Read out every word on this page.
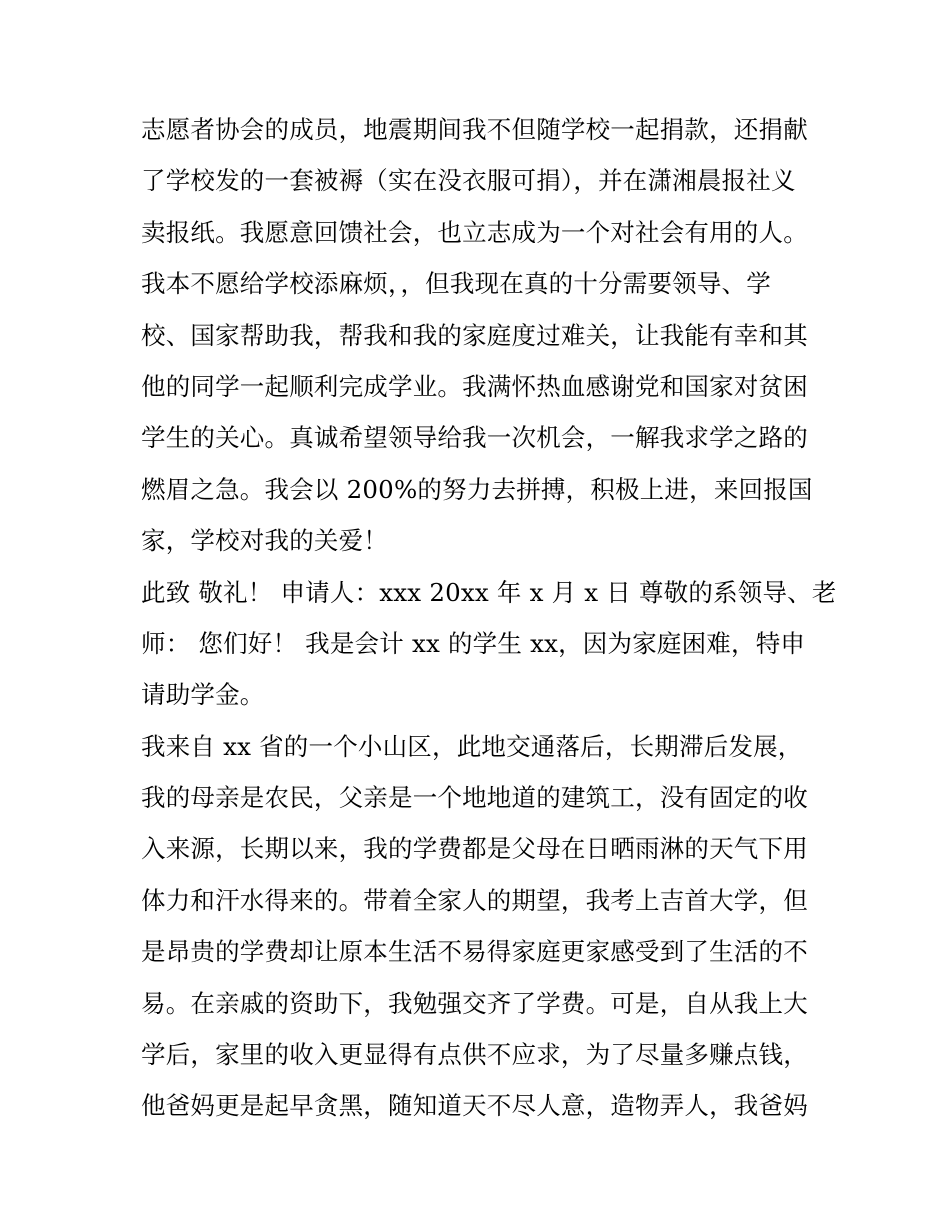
志愿者协会的成员，地震期间我不但随学校一起捐款，还捐献
了学校发的一套被褥（实在没衣服可捐），并在潇湘晨报社义
卖报纸。我愿意回馈社会，也立志成为一个对社会有用的人。
我本不愿给学校添麻烦，，但我现在真的十分需要领导、学
校、国家帮助我，帮我和我的家庭度过难关，让我能有幸和其
他的同学一起顺利完成学业。我满怀热血感谢党和国家对贫困
学生的关心。真诚希望领导给我一次机会，一解我求学之路的
燃眉之急。我会以 200%的努力去拼搏，积极上进，来回报国
家，学校对我的关爱！
此致 敬礼！ 申请人：xxx 20xx 年 x 月 x 日 尊敬的系领导、老
师： 您们好！ 我是会计 xx 的学生 xx，因为家庭困难，特申
请助学金。
我来自 xx 省的一个小山区，此地交通落后，长期滞后发展，
我的母亲是农民，父亲是一个地地道的建筑工，没有固定的收
入来源，长期以来，我的学费都是父母在日晒雨淋的天气下用
体力和汗水得来的。带着全家人的期望，我考上吉首大学，但
是昂贵的学费却让原本生活不易得家庭更家感受到了生活的不
易。在亲戚的资助下，我勉强交齐了学费。可是，自从我上大
学后，家里的收入更显得有点供不应求，为了尽量多赚点钱，
他爸妈更是起早贪黑，随知道天不尽人意，造物弄人，我爸妈
